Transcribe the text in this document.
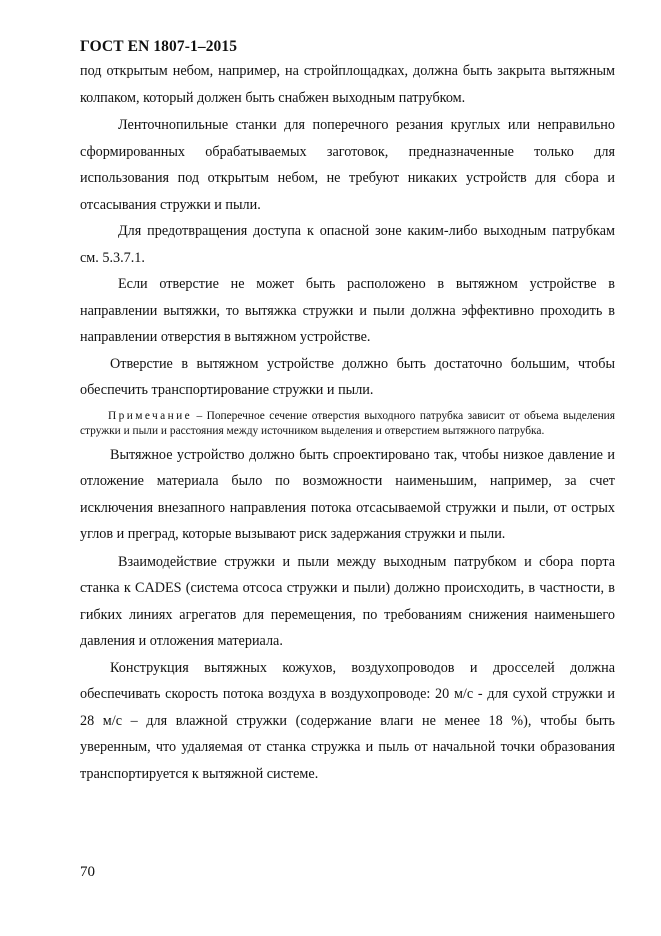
ГОСТ EN 1807-1–2015

под открытым небом, например, на стройплощадках, должна быть закрыта вытяжным колпаком, который должен быть снабжен выходным патрубком.

Ленточнопильные станки для поперечного резания круглых или неправильно сформированных обрабатываемых заготовок, предназначенные только для использования под открытым небом, не требуют никаких устройств для сбора и отсасывания стружки и пыли.

Для предотвращения доступа к опасной зоне каким-либо выходным патрубкам см. 5.3.7.1.

Если отверстие не может быть расположено в вытяжном устройстве в направлении вытяжки, то вытяжка стружки и пыли должна эффективно проходить в направлении отверстия в вытяжном устройстве.

Отверстие в вытяжном устройстве должно быть достаточно большим, чтобы обеспечить транспортирование стружки и пыли.

Примечание – Поперечное сечение отверстия выходного патрубка зависит от объема выделения стружки и пыли и расстояния между источником выделения и отверстием вытяжного патрубка.

Вытяжное устройство должно быть спроектировано так, чтобы низкое давление и отложение материала было по возможности наименьшим, например, за счет исключения внезапного направления потока отсасываемой стружки и пыли, от острых углов и преград, которые вызывают риск задержания стружки и пыли.

Взаимодействие стружки и пыли между выходным патрубком и сбора порта станка к CADES (система отсоса стружки и пыли) должно происходить, в частности, в гибких линиях агрегатов для перемещения, по требованиям снижения наименьшего давления и отложения материала.

Конструкция вытяжных кожухов, воздухопроводов и дросселей должна обеспечивать скорость потока воздуха в воздухопроводе: 20 м/с - для сухой стружки и 28 м/с – для влажной стружки (содержание влаги не менее 18 %), чтобы быть уверенным, что удаляемая от станка стружка и пыль от начальной точки образования транспортируется к вытяжной системе.

70
